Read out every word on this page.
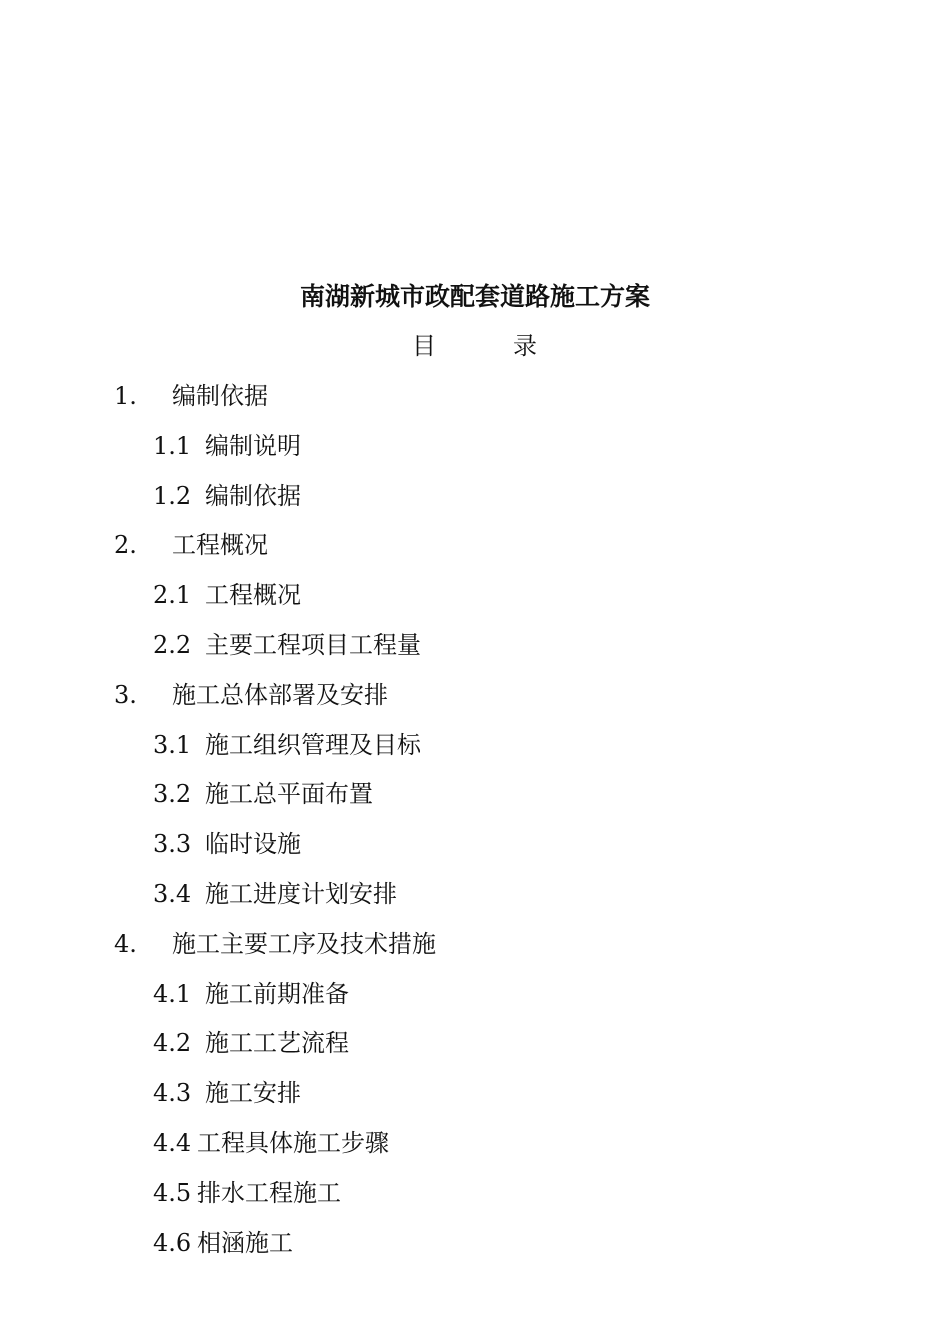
南湖新城市政配套道路施工方案
目	录
1. 编制依据
1.1 编制说明
1.2 编制依据
2. 工程概况
2.1 工程概况
2.2 主要工程项目工程量
3. 施工总体部署及安排
3.1 施工组织管理及目标
3.2 施工总平面布置
3.3 临时设施
3.4 施工进度计划安排
4. 施工主要工序及技术措施
4.1 施工前期准备
4.2 施工工艺流程
4.3 施工安排
4.4 工程具体施工步骤
4.5 排水工程施工
4.6 相涵施工
